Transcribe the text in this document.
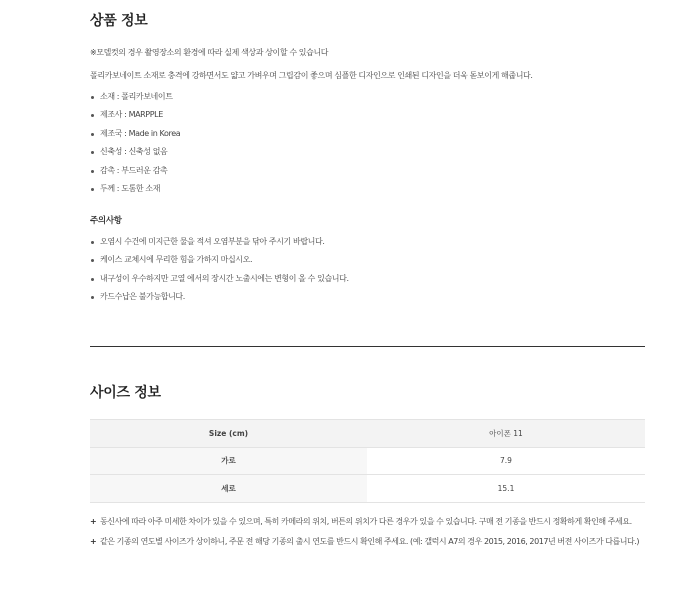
상품 정보
※모델컷의 경우 촬영장소의 환경에 따라 실제 색상과 상이할 수 있습니다
폴리카보네이트 소재로 충격에 강하면서도 얇고 가벼우며 그립감이 좋으며 심플한 디자인으로 인쇄된 디자인을 더욱 돋보이게 해줍니다.
소재 : 폴리카보네이트
제조사 : MARPPLE
제조국 : Made in Korea
신축성 : 신축성 없음
감촉 : 부드러운 감촉
두께 : 도톰한 소재
주의사항
오염시 수건에 미지근한 물을 적셔 오염부분을 닦아 주시기 바랍니다.
케이스 교체시에 무리한 힘을 가하지 마십시오.
내구성이 우수하지만 고열 에서의 장시간 노출시에는 변형이 올 수 있습니다.
카드수납은 불가능합니다.
사이즈 정보
Size (cm)	아이폰 11
가로	7.9
세로	15.1
+ 동신사에 따라 아주 미세한 차이가 있을 수 있으며, 특히 카메라의 위치, 버튼의 위치가 다른 경우가 있을 수 있습니다. 구매 전 기종을 반드시 정확하게 확인해 주세요.
+ 같은 기종의 연도별 사이즈가 상이하니, 주문 전 해당 기종의 출시 연도를 반드시 확인해 주세요. (예: 갤럭시 A7의 경우 2015, 2016, 2017년 버전 사이즈가 다릅니다.)
